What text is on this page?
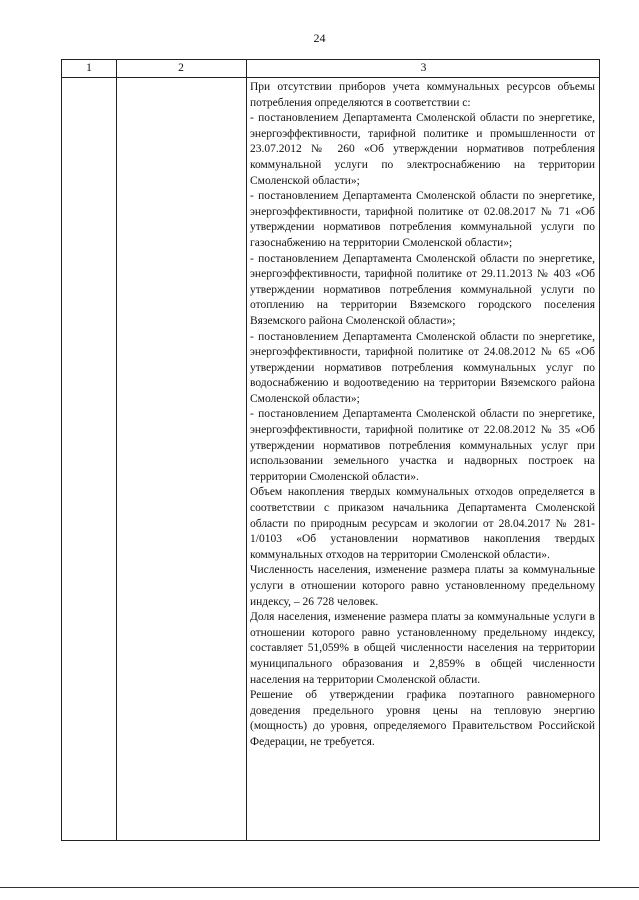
24
1	2	3
При отсутствии приборов учета коммунальных ресурсов объемы потребления определяются в соответствии с:
- постановлением Департамента Смоленской области по энергетике, энергоэффективности, тарифной политике и промышленности от 23.07.2012 № 260 «Об утверждении нормативов потребления коммунальной услуги по электроснабжению на территории Смоленской области»;
- постановлением Департамента Смоленской области по энергетике, энергоэффективности, тарифной политике от 02.08.2017 № 71 «Об утверждении нормативов потребления коммунальной услуги по газоснабжению на территории Смоленской области»;
- постановлением Департамента Смоленской области по энергетике, энергоэффективности, тарифной политике от 29.11.2013 № 403 «Об утверждении нормативов потребления коммунальной услуги по отоплению на территории Вяземского городского поселения Вяземского района Смоленской области»;
- постановлением Департамента Смоленской области по энергетике, энергоэффективности, тарифной политике от 24.08.2012 № 65 «Об утверждении нормативов потребления коммунальных услуг по водоснабжению и водоотведению на территории Вяземского района Смоленской области»;
- постановлением Департамента Смоленской области по энергетике, энергоэффективности, тарифной политике от 22.08.2012 № 35 «Об утверждении нормативов потребления коммунальных услуг при использовании земельного участка и надворных построек на территории Смоленской области».
Объем накопления твердых коммунальных отходов определяется в соответствии с приказом начальника Департамента Смоленской области по природным ресурсам и экологии от 28.04.2017 № 281-1/0103 «Об установлении нормативов накопления твердых коммунальных отходов на территории Смоленской области».
Численность населения, изменение размера платы за коммунальные услуги в отношении которого равно установленному предельному индексу, – 26 728 человек.
Доля населения, изменение размера платы за коммунальные услуги в отношении которого равно установленному предельному индексу, составляет 51,059% в общей численности населения на территории муниципального образования и 2,859% в общей численности населения на территории Смоленской области.
Решение об утверждении графика поэтапного равномерного доведения предельного уровня цены на тепловую энергию (мощность) до уровня, определяемого Правительством Российской Федерации, не требуется.
